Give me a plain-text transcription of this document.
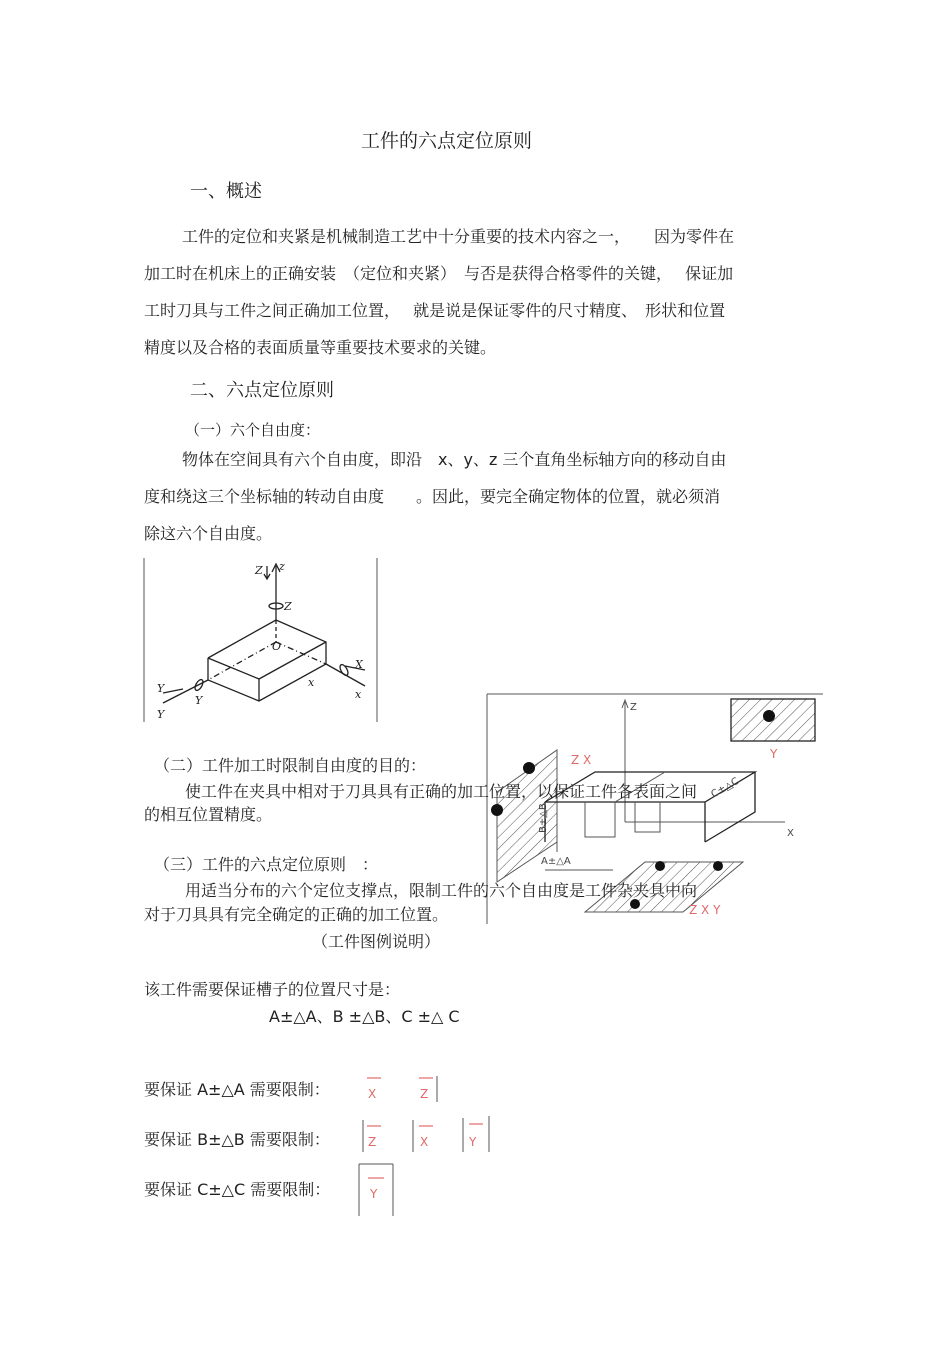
工件的六点定位原则
一、概述
工件的定位和夹紧是机械制造工艺中十分重要的技术内容之一，　　因为零件在
加工时在机床上的正确安装　（定位和夹紧）　与否是获得合格零件的关键，　 保证加
工时刀具与工件之间正确加工位置，　 就是说是保证零件的尺寸精度、　形状和位置
精度以及合格的表面质量等重要技术要求的关键。
二、六点定位原则
（一）六个自由度：
物体在空间具有六个自由度，即沿　x、y、z 三个直角坐标轴方向的移动自由
度和绕这三个坐标轴的转动自由度　　。因此，要完全确定物体的位置，就必须消
除这六个自由度。
z
Z
Z
O
x
X
x
Y
Y
Y
Z
X
B±△B
A±△A
C±△C
Z X	Y
Z X Y
（二）工件加工时限制自由度的目的：
使工件在夹具中相对于刀具具有正确的加工位置，以保证工件各表面之间
的相互位置精度。
（三）工件的六点定位原则　：
用适当分布的六个定位支撑点，限制工件的六个自由度是工件杂夹具中向
对于刀具具有完全确定的正确的加工位置。
（工件图例说明）
该工件需要保证槽子的位置尺寸是：
A±△A、B ±△B、C ±△ C
要保证 A±△A 需要限制：
要保证 B±△B 需要限制：
要保证 C±△C 需要限制：
X	Z
Z	X	Y
Y
